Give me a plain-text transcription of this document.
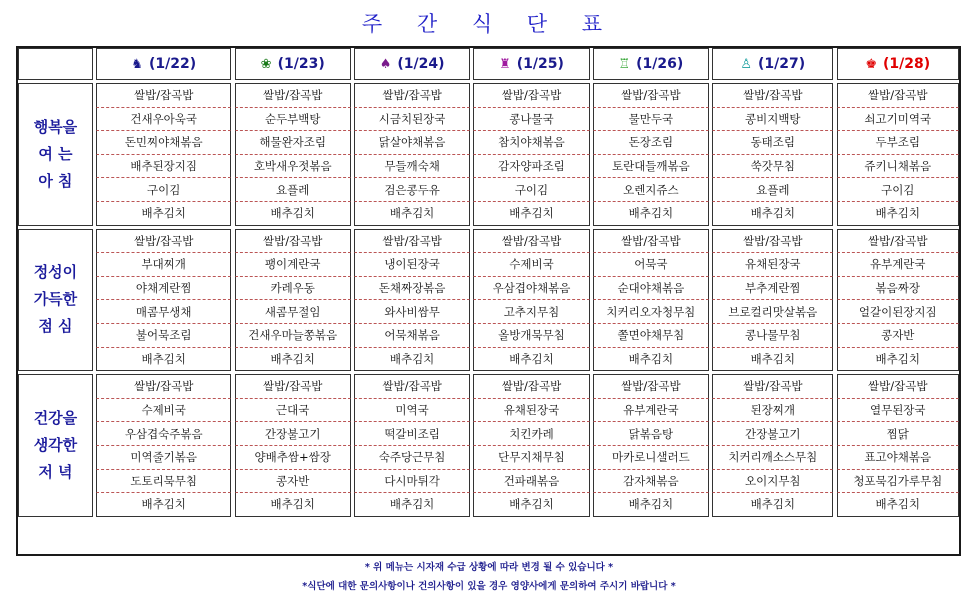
주 간 식 단 표
		♞ (1/22)		❀ (1/23)		♠ (1/24)		♜ (1/25)		♖ (1/26)		♙ (1/27)		♚ (1/28)

행복을
여 는
아 침		쌀밥/잡곡밥		쌀밥/잡곡밥		쌀밥/잡곡밥		쌀밥/잡곡밥		쌀밥/잡곡밥		쌀밥/잡곡밥		쌀밥/잡곡밥
		건새우아욱국		순두부백탕		시금치된장국		콩나물국		물만두국		콩비지백탕		쇠고기미역국
		돈민찌야채볶음		해물완자조림		닭살야채볶음		참치야채볶음		돈장조림		동태조림		두부조림
		배추된장지짐		호박새우젓볶음		무들깨숙채		감자양파조림		토란대들깨볶음		쑥갓무침		쥬키니채볶음
		구이김		요플레		검은콩두유		구이김		오렌지쥬스		요플레		구이김
		배추김치		배추김치		배추김치		배추김치		배추김치		배추김치		배추김치

정성이
가득한
점 심		쌀밥/잡곡밥		쌀밥/잡곡밥		쌀밥/잡곡밥		쌀밥/잡곡밥		쌀밥/잡곡밥		쌀밥/잡곡밥		쌀밥/잡곡밥
		부대찌개		팽이계란국		냉이된장국		수제비국		어묵국		유채된장국		유부계란국
		야채계란찜		카레우동		돈채짜장볶음		우삼겹야채볶음		순대야채볶음		부추계란찜		볶음짜장
		매콤무생채		새콤무절임		와사비쌈무		고추지무침		치커리오자청무침		브로컬리맛살볶음		얼갈이된장지짐
		불어묵조림		건새우마늘쫑볶음		어묵채볶음		올방개묵무침		쫄면야채무침		콩나물무침		콩자반
		배추김치		배추김치		배추김치		배추김치		배추김치		배추김치		배추김치

건강을
생각한
저 녁		쌀밥/잡곡밥		쌀밥/잡곡밥		쌀밥/잡곡밥		쌀밥/잡곡밥		쌀밥/잡곡밥		쌀밥/잡곡밥		쌀밥/잡곡밥
		수제비국		근대국		미역국		유채된장국		유부계란국		된장찌개		열무된장국
		우삼겹숙주볶음		간장불고기		떡갈비조림		치킨카레		닭볶음탕		간장불고기		찜닭
		미역줄기볶음		양배추쌈+쌈장		숙주당근무침		단무지채무침		마카로니샐러드		치커리깨소스무침		표고야채볶음
		도토리묵무침		콩자반		다시마튀각		건파래볶음		감자채볶음		오이지무침		청포묵김가루무침
		배추김치		배추김치		배추김치		배추김치		배추김치		배추김치		배추김치
* 위 메뉴는 시자재 수급 상황에 따라 변경 될 수 있습니다 *
*식단에 대한 문의사항이나 건의사항이 있을 경우 영양사에게 문의하여 주시기 바랍니다 *
